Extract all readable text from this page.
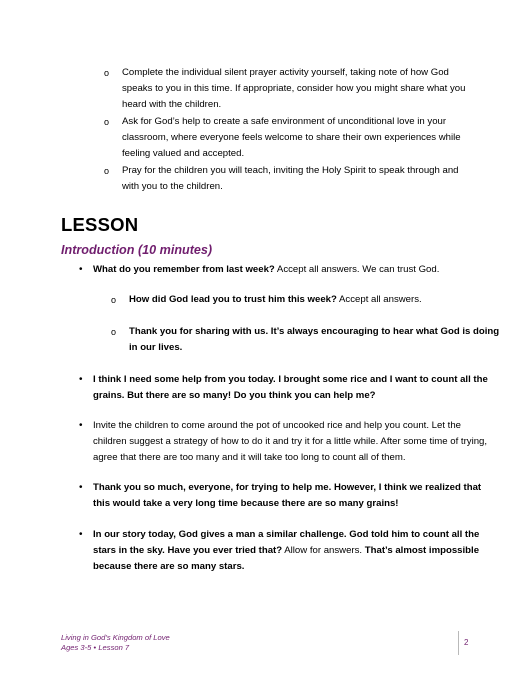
o Complete the individual silent prayer activity yourself, taking note of how God speaks to you in this time. If appropriate, consider how you might share what you heard with the children.
o Ask for God’s help to create a safe environment of unconditional love in your classroom, where everyone feels welcome to share their own experiences while feeling valued and accepted.
o Pray for the children you will teach, inviting the Holy Spirit to speak through and with you to the children.
LESSON
Introduction (10 minutes)
• What do you remember from last week? Accept all answers. We can trust God.
o How did God lead you to trust him this week? Accept all answers.
o Thank you for sharing with us. It’s always encouraging to hear what God is doing in our lives.
• I think I need some help from you today. I brought some rice and I want to count all the grains. But there are so many! Do you think you can help me?
• Invite the children to come around the pot of uncooked rice and help you count. Let the children suggest a strategy of how to do it and try it for a little while. After some time of trying, agree that there are too many and it will take too long to count all of them.
• Thank you so much, everyone, for trying to help me. However, I think we realized that this would take a very long time because there are so many grains!
• In our story today, God gives a man a similar challenge. God told him to count all the stars in the sky. Have you ever tried that? Allow for answers. That’s almost impossible because there are so many stars.
Living in God’s Kingdom of Love
Ages 3-5 • Lesson 7
2
